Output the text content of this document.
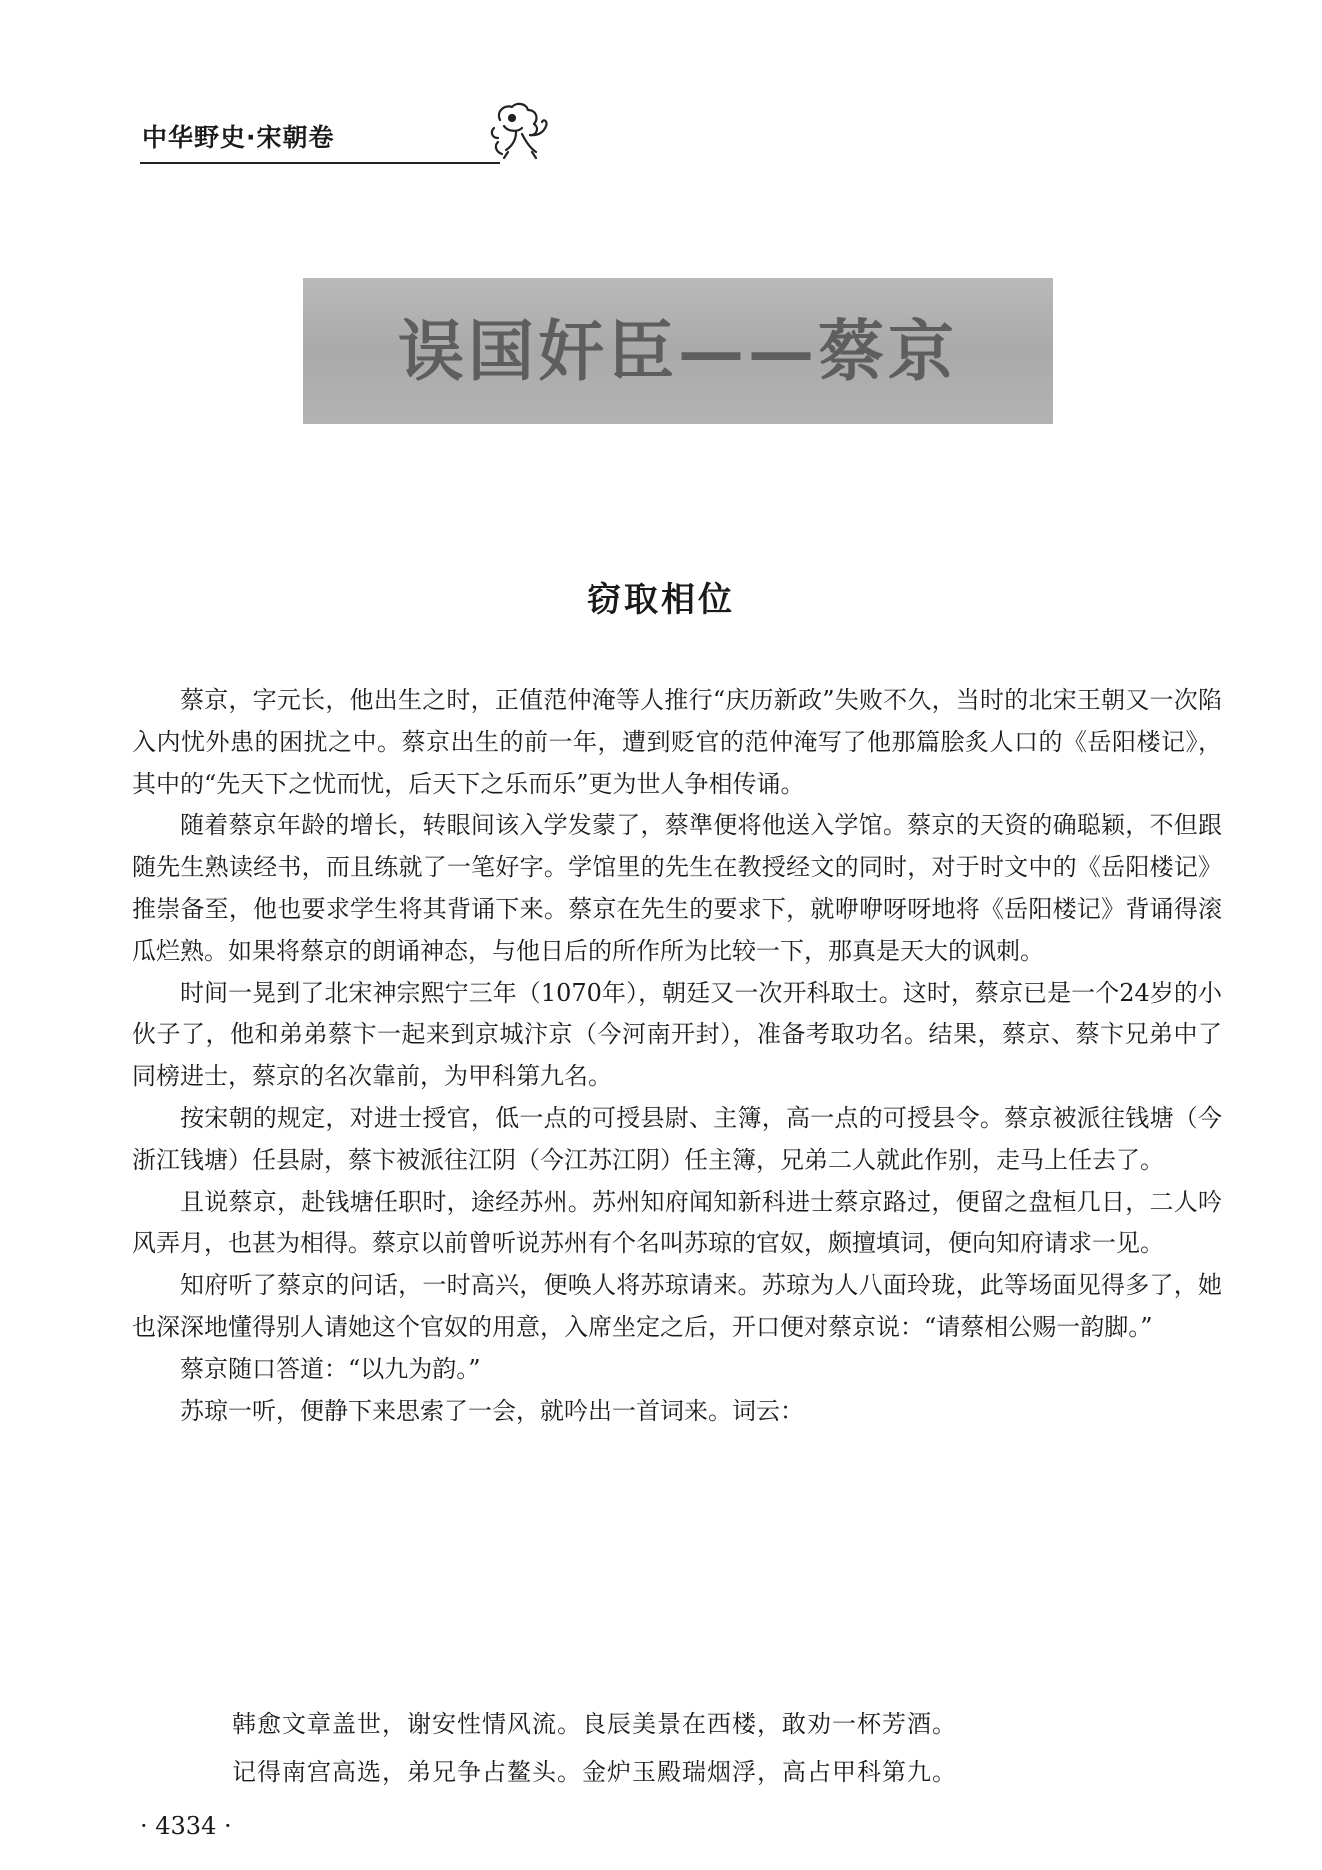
中华野史·宋朝卷
误国奸臣——蔡京
窃取相位

蔡京，字元长，他出生之时，正值范仲淹等人推行“庆历新政”失败不久，当时的北宋王朝又一次陷入内忧外患的困扰之中。蔡京出生的前一年，遭到贬官的范仲淹写了他那篇脍炙人口的《岳阳楼记》，其中的“先天下之忧而忧，后天下之乐而乐”更为世人争相传诵。

随着蔡京年龄的增长，转眼间该入学发蒙了，蔡準便将他送入学馆。蔡京的天资的确聪颖，不但跟随先生熟读经书，而且练就了一笔好字。学馆里的先生在教授经文的同时，对于时文中的《岳阳楼记》推崇备至，他也要求学生将其背诵下来。蔡京在先生的要求下，就咿咿呀呀地将《岳阳楼记》背诵得滚瓜烂熟。如果将蔡京的朗诵神态，与他日后的所作所为比较一下，那真是天大的讽刺。

时间一晃到了北宋神宗熙宁三年（1070年），朝廷又一次开科取士。这时，蔡京已是一个24岁的小伙子了，他和弟弟蔡卞一起来到京城汴京（今河南开封），准备考取功名。结果，蔡京、蔡卞兄弟中了同榜进士，蔡京的名次靠前，为甲科第九名。

按宋朝的规定，对进士授官，低一点的可授县尉、主簿，高一点的可授县令。蔡京被派往钱塘（今浙江钱塘）任县尉，蔡卞被派往江阴（今江苏江阴）任主簿，兄弟二人就此作别，走马上任去了。

且说蔡京，赴钱塘任职时，途经苏州。苏州知府闻知新科进士蔡京路过，便留之盘桓几日，二人吟风弄月，也甚为相得。蔡京以前曾听说苏州有个名叫苏琼的官奴，颇擅填词，便向知府请求一见。

知府听了蔡京的问话，一时高兴，便唤人将苏琼请来。苏琼为人八面玲珑，此等场面见得多了，她也深深地懂得别人请她这个官奴的用意，入席坐定之后，开口便对蔡京说：“请蔡相公赐一韵脚。”

蔡京随口答道：“以九为韵。”

苏琼一听，便静下来思索了一会，就吟出一首词来。词云：

韩愈文章盖世，谢安性情风流。良辰美景在西楼，敢劝一杯芳酒。

记得南宫高选，弟兄争占鳌头。金炉玉殿瑞烟浮，高占甲科第九。

· 4334 ·
